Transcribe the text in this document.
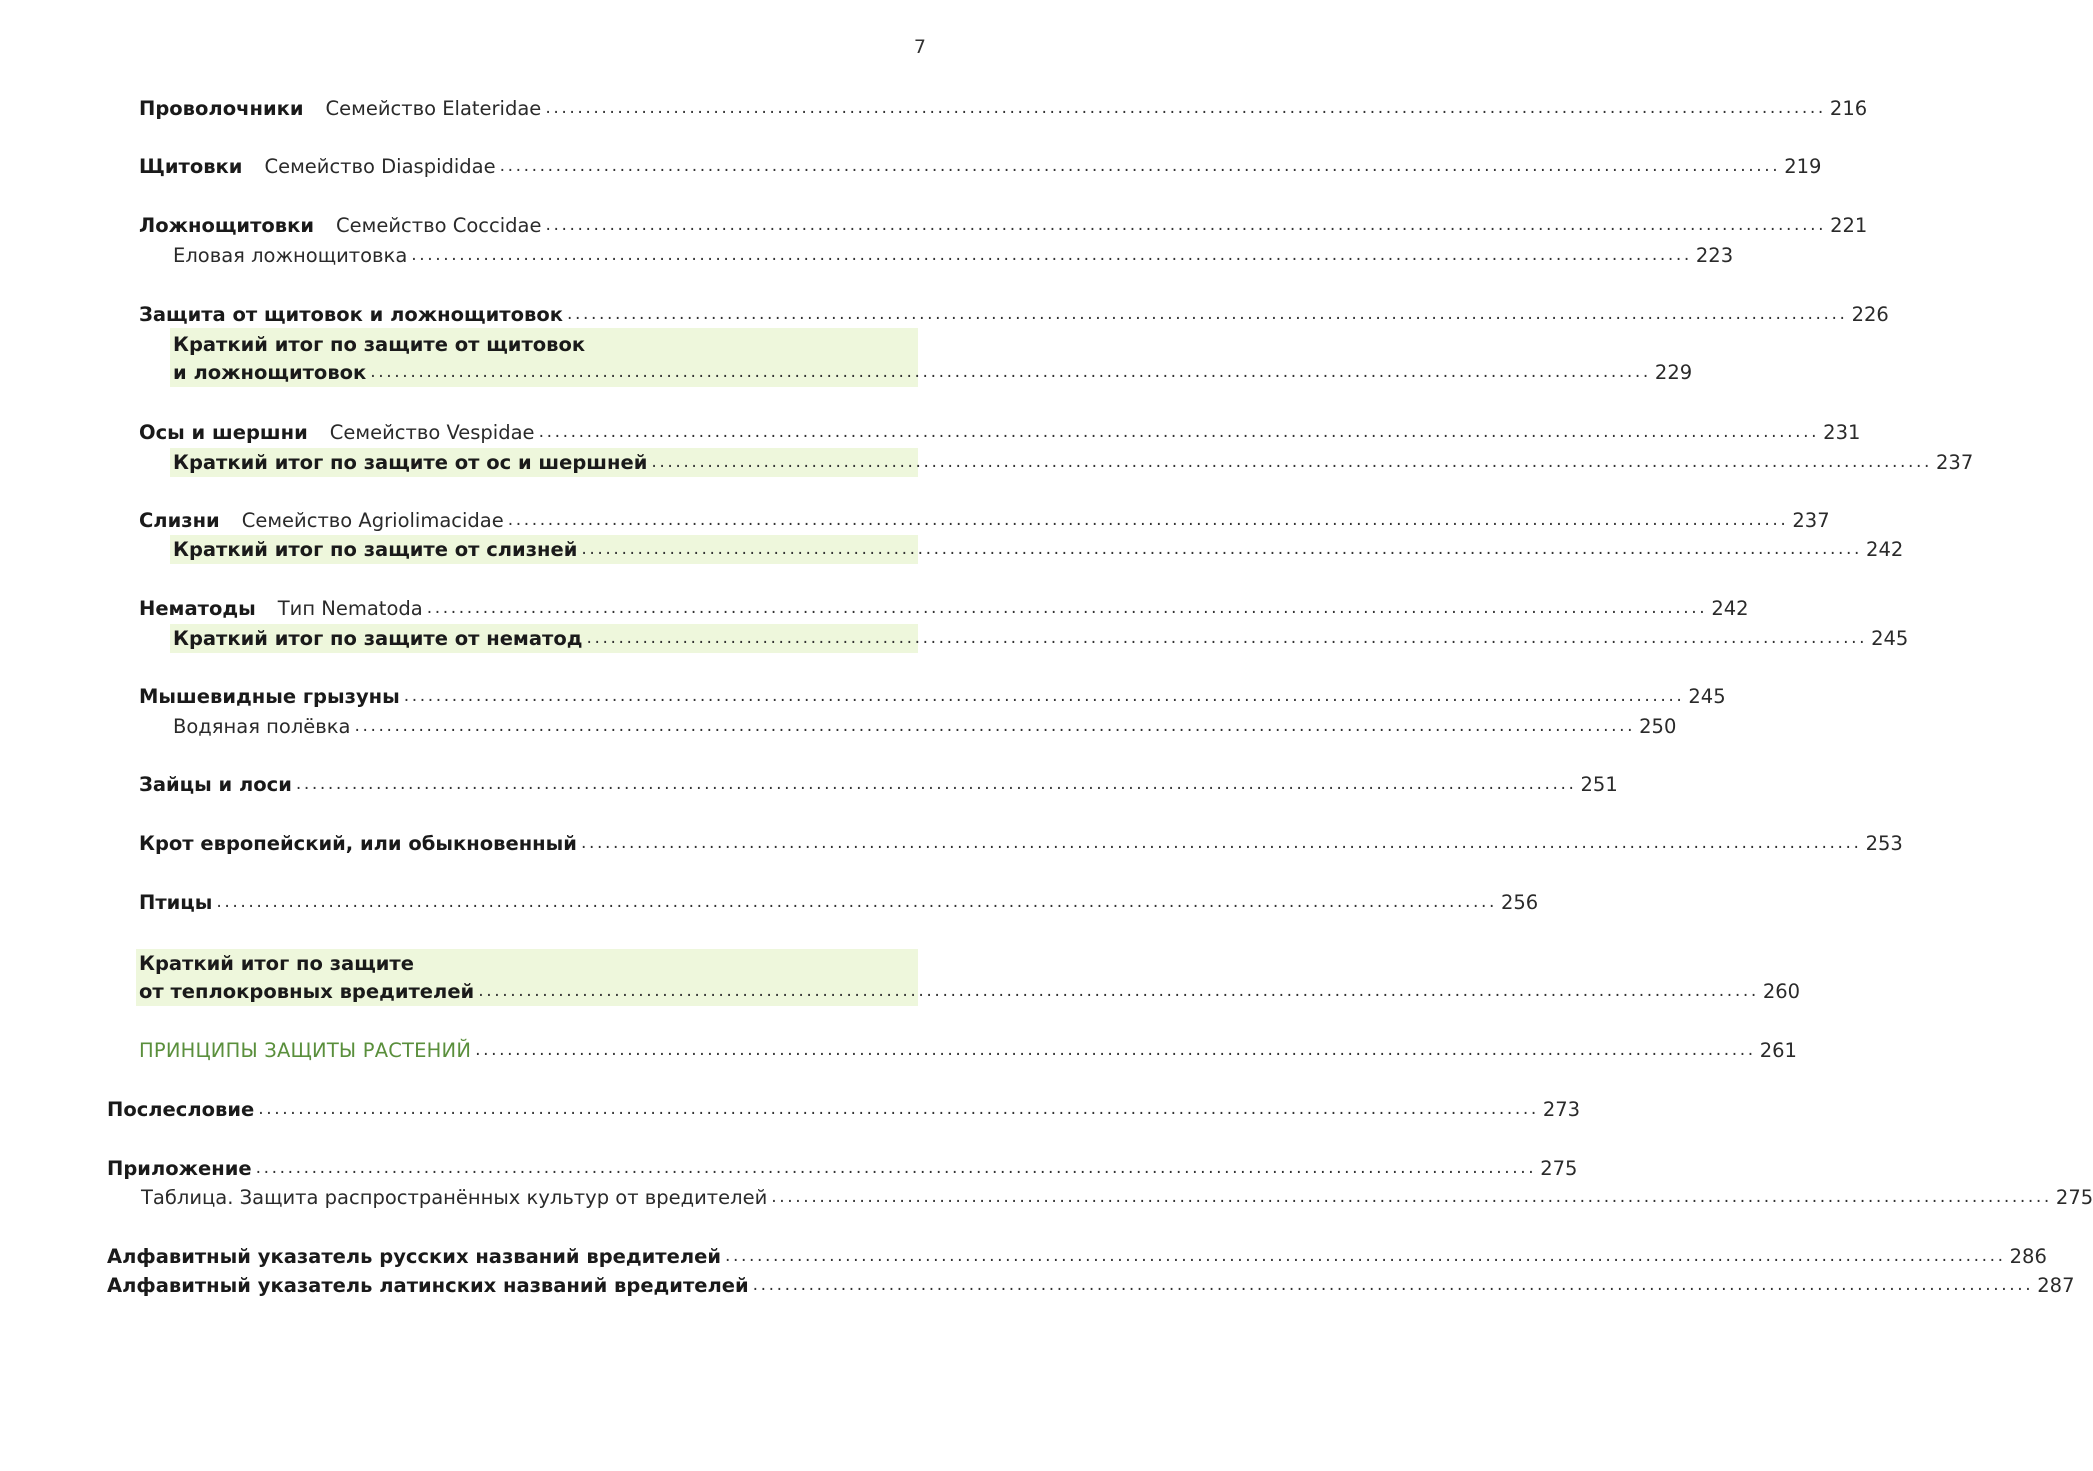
7
Проволочники Семейство Elateridae ................................................................................................................................................................ 216
Щитовки Семейство Diaspididae ................................................................................................................................................................ 219
Ложнощитовки Семейство Coccidae ................................................................................................................................................................ 221
Еловая ложнощитовка ................................................................................................................................................................ 223
Защита от щитовок и ложнощитовок ................................................................................................................................................................ 226
Краткий итог по защите от щитовок
и ложнощитовок ................................................................................................................................................................ 229
Осы и шершни Семейство Vespidae ................................................................................................................................................................ 231
Краткий итог по защите от ос и шершней ................................................................................................................................................................ 237
Слизни Семейство Agriolimacidae ................................................................................................................................................................ 237
Краткий итог по защите от слизней ................................................................................................................................................................ 242
Нематоды Тип Nematoda ................................................................................................................................................................ 242
Краткий итог по защите от нематод ................................................................................................................................................................ 245
Мышевидные грызуны ................................................................................................................................................................ 245
Водяная полёвка ................................................................................................................................................................ 250
Зайцы и лоси ................................................................................................................................................................ 251
Крот европейский, или обыкновенный ................................................................................................................................................................ 253
Птицы ................................................................................................................................................................ 256
Краткий итог по защите
от теплокровных вредителей ................................................................................................................................................................ 260
ПРИНЦИПЫ ЗАЩИТЫ РАСТЕНИЙ ................................................................................................................................................................ 261
Послесловие ................................................................................................................................................................ 273
Приложение ................................................................................................................................................................ 275
Таблица. Защита распространённых культур от вредителей ................................................................................................................................................................ 275
Алфавитный указатель русских названий вредителей ................................................................................................................................................................ 286
Алфавитный указатель латинских названий вредителей ................................................................................................................................................................ 287
